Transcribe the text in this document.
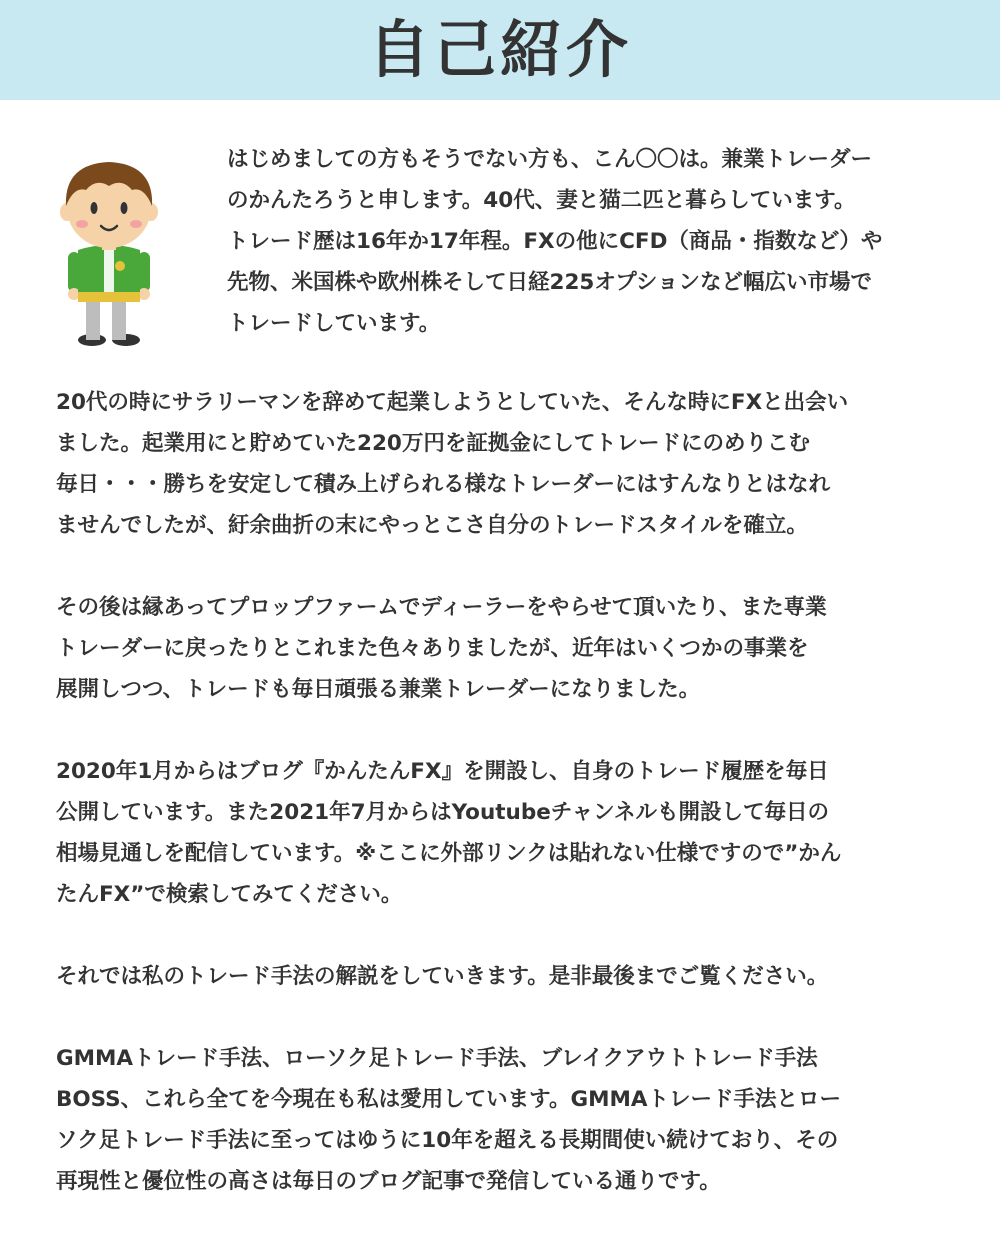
自己紹介

はじめましての方もそうでない方も、こん〇〇は。兼業トレーダー
のかんたろうと申します。40代、妻と猫二匹と暮らしています。
トレード歴は16年か17年程。FXの他にCFD（商品・指数など）や
先物、米国株や欧州株そして日経225オプションなど幅広い市場で
トレードしています。

20代の時にサラリーマンを辞めて起業しようとしていた、そんな時にFXと出会い
ました。起業用にと貯めていた220万円を証拠金にしてトレードにのめりこむ
毎日・・・勝ちを安定して積み上げられる様なトレーダーにはすんなりとはなれ
ませんでしたが、紆余曲折の末にやっとこさ自分のトレードスタイルを確立。

その後は縁あってプロップファームでディーラーをやらせて頂いたり、また専業
トレーダーに戻ったりとこれまた色々ありましたが、近年はいくつかの事業を
展開しつつ、トレードも毎日頑張る兼業トレーダーになりました。

2020年1月からはブログ『かんたんFX』を開設し、自身のトレード履歴を毎日
公開しています。また2021年7月からはYoutubeチャンネルも開設して毎日の
相場見通しを配信しています。※ここに外部リンクは貼れない仕様ですので”かん
たんFX”で検索してみてください。

それでは私のトレード手法の解説をしていきます。是非最後までご覧ください。

GMMAトレード手法、ローソク足トレード手法、ブレイクアウトトレード手法
BOSS、これら全てを今現在も私は愛用しています。GMMAトレード手法とロー
ソク足トレード手法に至ってはゆうに10年を超える長期間使い続けており、その
再現性と優位性の高さは毎日のブログ記事で発信している通りです。
